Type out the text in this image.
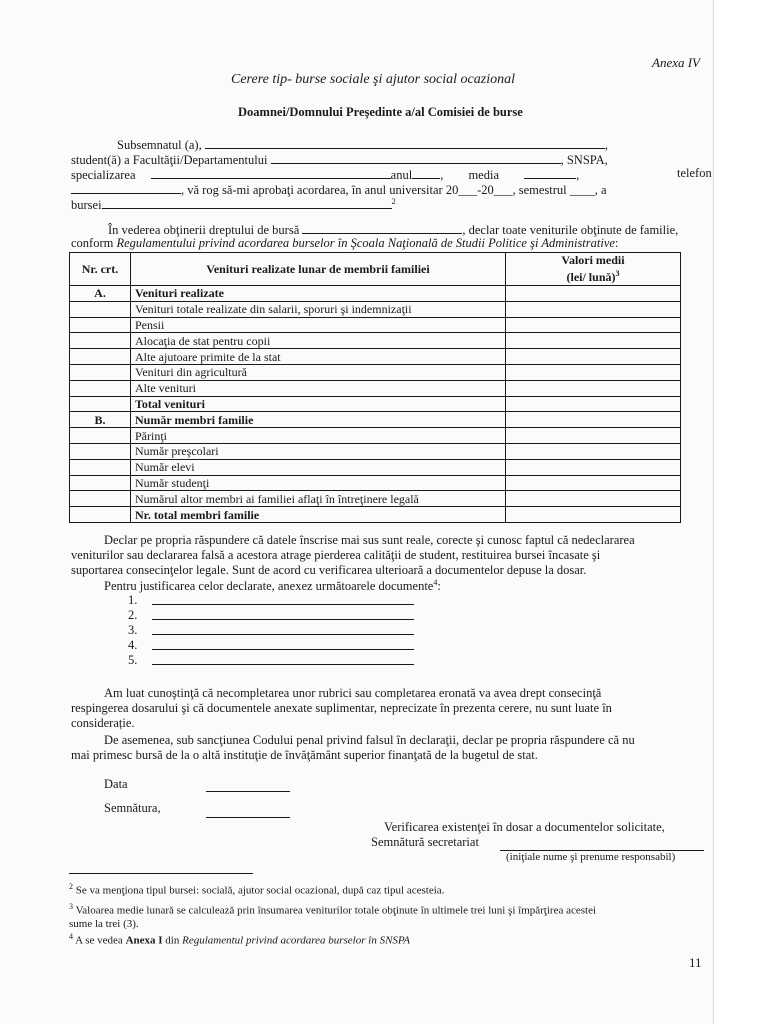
Anexa IV
Cerere tip- burse sociale şi ajutor social ocazional
Doamnei/Domnului Preşedinte a/al Comisiei de burse
Subsemnatul (a),	,
student(ă) a Facultăţii/Departamentului	, SNSPA,
specializarea	anul , media	,	telefon
, vă rog să-mi aprobaţi acordarea, în anul universitar 20___-20___, semestrul ____, a
bursei	$^2$
În vederea obţinerii dreptului de bursă	, declar toate veniturile obţinute de familie,
conform Regulamentului privind acordarea burselor în Şcoala Naţională de Studii Politice şi Administrative:
Nr. crt.	Venituri realizate lunar de membrii familiei	Valori medii
(lei/ lună)$^3$
A.	Venituri realizate	
	Venituri totale realizate din salarii, sporuri şi indemnizaţii	
	Pensii	
	Alocaţia de stat pentru copii	
	Alte ajutoare primite de la stat	
	Venituri din agricultură	
	Alte venituri	
	Total venituri	
B.	Număr membri familie	
	Părinţi	
	Număr preşcolari	
	Număr elevi	
	Număr studenţi	
	Numărul altor membri ai familiei aflaţi în întreţinere legală	
	Nr. total membri familie	
Declar pe propria răspundere că datele înscrise mai sus sunt reale, corecte şi cunosc faptul că nedeclararea
veniturilor sau declararea falsă a acestora atrage pierderea calităţii de student, restituirea bursei încasate şi
suportarea consecinţelor legale. Sunt de acord cu verificarea ulterioară a documentelor depuse la dosar.
Pentru justificarea celor declarate, anexez următoarele documente$^4$:
1.
2.
3.
4.
5.
Am luat cunoştinţă că necompletarea unor rubrici sau completarea eronată va avea drept consecinţă
respingerea dosarului şi că documentele anexate suplimentar, neprecizate în prezenta cerere, nu sunt luate în
considerație.
De asemenea, sub sancţiunea Codului penal privind falsul în declaraţii, declar pe propria răspundere că nu
mai primesc bursă de la o altă instituţie de învăţământ superior finanţată de la bugetul de stat.
Data
Semnătura,
Verificarea existenţei în dosar a documentelor solicitate,
Semnătură secretariat
(iniţiale nume şi prenume responsabil)
$^2$ Se va menţiona tipul bursei: socială, ajutor social ocazional, după caz tipul acesteia.
$^3$ Valoarea medie lunară se calculează prin însumarea veniturilor totale obţinute în ultimele trei luni şi împărţirea acestei
sume la trei (3).
$^4$ A se vedea Anexa I din Regulamentul privind acordarea burselor în SNSPA
11
